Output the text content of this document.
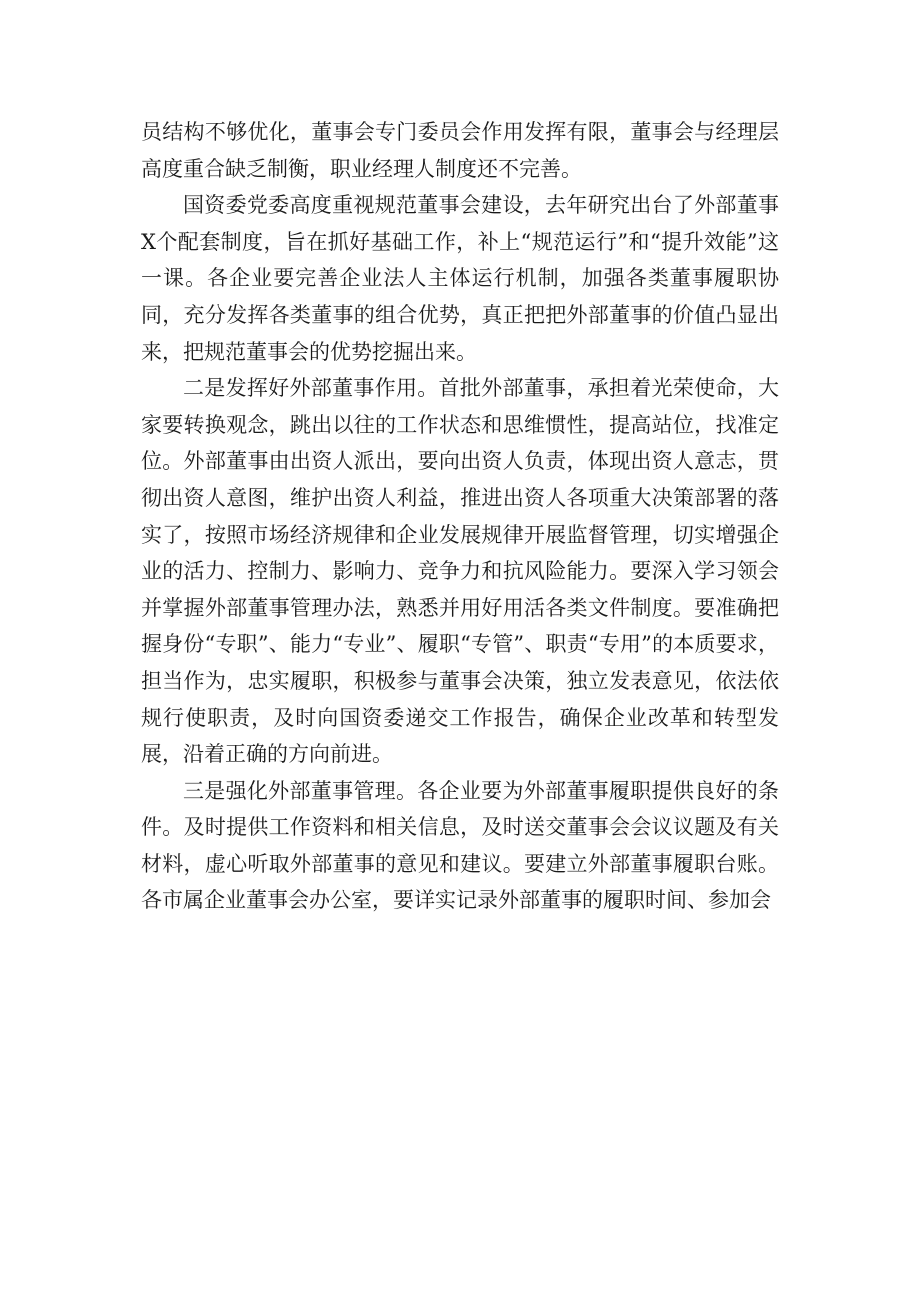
员结构不够优化，董事会专门委员会作用发挥有限，董事会与经理层高度重合缺乏制衡，职业经理人制度还不完善。

国资委党委高度重视规范董事会建设，去年研究出台了外部董事X个配套制度，旨在抓好基础工作，补上“规范运行”和“提升效能”这一课。各企业要完善企业法人主体运行机制，加强各类董事履职协同，充分发挥各类董事的组合优势，真正把把外部董事的价值凸显出来，把规范董事会的优势挖掘出来。

二是发挥好外部董事作用。首批外部董事，承担着光荣使命，大家要转换观念，跳出以往的工作状态和思维惯性，提高站位，找准定位。外部董事由出资人派出，要向出资人负责，体现出资人意志，贯彻出资人意图，维护出资人利益，推进出资人各项重大决策部署的落实了，按照市场经济规律和企业发展规律开展监督管理，切实增强企业的活力、控制力、影响力、竞争力和抗风险能力。要深入学习领会并掌握外部董事管理办法，熟悉并用好用活各类文件制度。要准确把握身份“专职”、能力“专业”、履职“专管”、职责“专用”的本质要求，担当作为，忠实履职，积极参与董事会决策，独立发表意见，依法依规行使职责，及时向国资委递交工作报告，确保企业改革和转型发展，沿着正确的方向前进。

三是强化外部董事管理。各企业要为外部董事履职提供良好的条件。及时提供工作资料和相关信息，及时送交董事会会议议题及有关材料，虚心听取外部董事的意见和建议。要建立外部董事履职台账。各市属企业董事会办公室，要详实记录外部董事的履职时间、参加会
